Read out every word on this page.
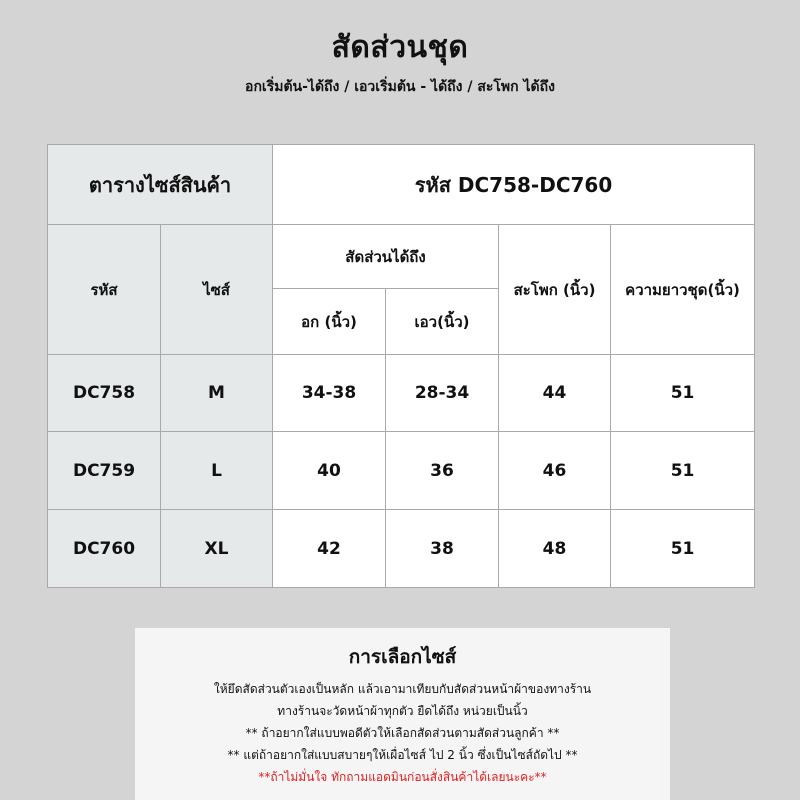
สัดส่วนชุด
อกเริ่มต้น-ได้ถึง / เอวเริ่มต้น - ได้ถึง / สะโพก ได้ถึง
ตารางไซส์สินค้า		รหัส DC758-DC760			
รหัส	ไซส์	สัดส่วนได้ถึง		สะโพก (นิ้ว)	ความยาวชุด(นิ้ว)
		อก (นิ้ว)	เอว(นิ้ว)		
DC758	M	34-38	28-34	44	51
DC759	L	40	36	46	51
DC760	XL	42	38	48	51
การเลือกไซส์
ให้ยึดสัดส่วนตัวเองเป็นหลัก แล้วเอามาเทียบกับสัดส่วนหน้าผ้าของทางร้าน
ทางร้านจะวัดหน้าผ้าทุกตัว ยืดได้ถึง หน่วยเป็นนิ้ว
** ถ้าอยากใส่แบบพอดีตัวให้เลือกสัดส่วนตามสัดส่วนลูกค้า **
** แต่ถ้าอยากใส่แบบสบายๆให้เผื่อไซส์ ไป 2 นิ้ว ซึ่งเป็นไซส์ถัดไป **
**ถ้าไม่มั่นใจ ทักถามแอดมินก่อนสั่งสินค้าได้เลยนะคะ**
